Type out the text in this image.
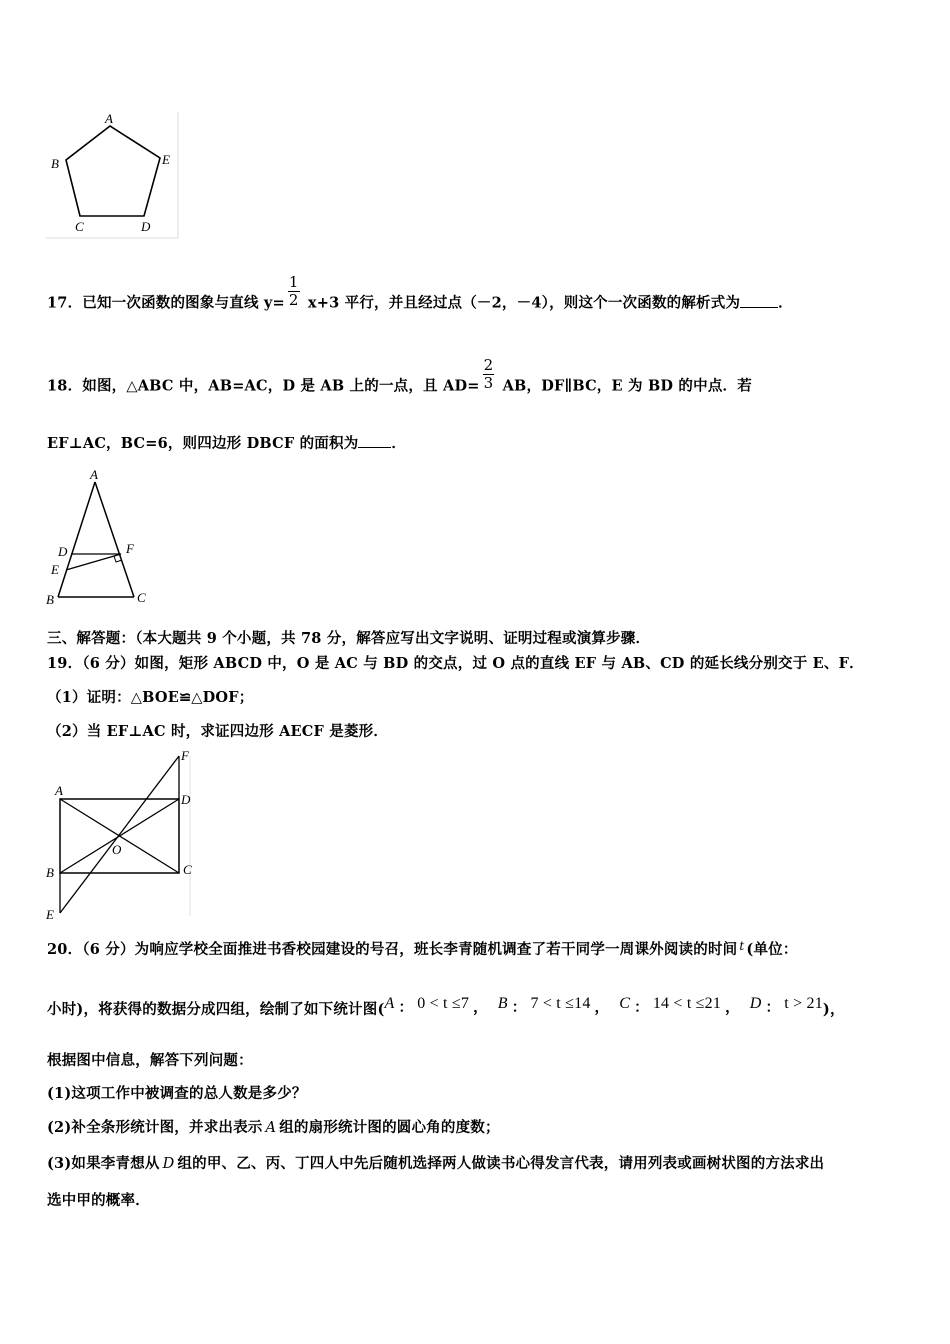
A
B
C	D
E
17．已知一次函数的图象与直线 $y= \frac{1}{2} x+3$ 平行，并且经过点（－2，－4），则这个一次函数的解析式为	．
18．如图，△ABC 中，AB=AC，D 是 AB 上的一点，且 $AD= \frac{2}{3}$ AB，DF∥BC，E 为 BD 的中点．若
EF⊥AC，BC=6，则四边形 DBCF 的面积为 ．
A
D	F
E
B	C
三、解答题：（本大题共 9 个小题，共 78 分，解答应写出文字说明、证明过程或演算步骤．
19．（6 分）如图，矩形 ABCD 中，O 是 AC 与 BD 的交点，过 O 点的直线 EF 与 AB、CD 的延长线分别交于 E、F．
（1）证明：△BOE≌△DOF；
（2）当 EF⊥AC 时，求证四边形 AECF 是菱形．
F
A
D
O
B	C
E
20．（6 分）为响应学校全面推进书香校园建设的号召，班长李青随机调查了若干同学一周课外阅读的时间 $^t$ (单位：
小时)，将获得的数据分成四组，绘制了如下统计图(A ： 0 < t ≤7 ， B ： 7 < t ≤14 ， C ： 14 < t ≤21 ， D ： t > 21)，
根据图中信息，解答下列问题：
(1)这项工作中被调查的总人数是多少？
(2)补全条形统计图，并求出表示 A 组的扇形统计图的圆心角的度数；
(3)如果李青想从 D 组的甲、乙、丙、丁四人中先后随机选择两人做读书心得发言代表，请用列表或画树状图的方法求出
选中甲的概率．
